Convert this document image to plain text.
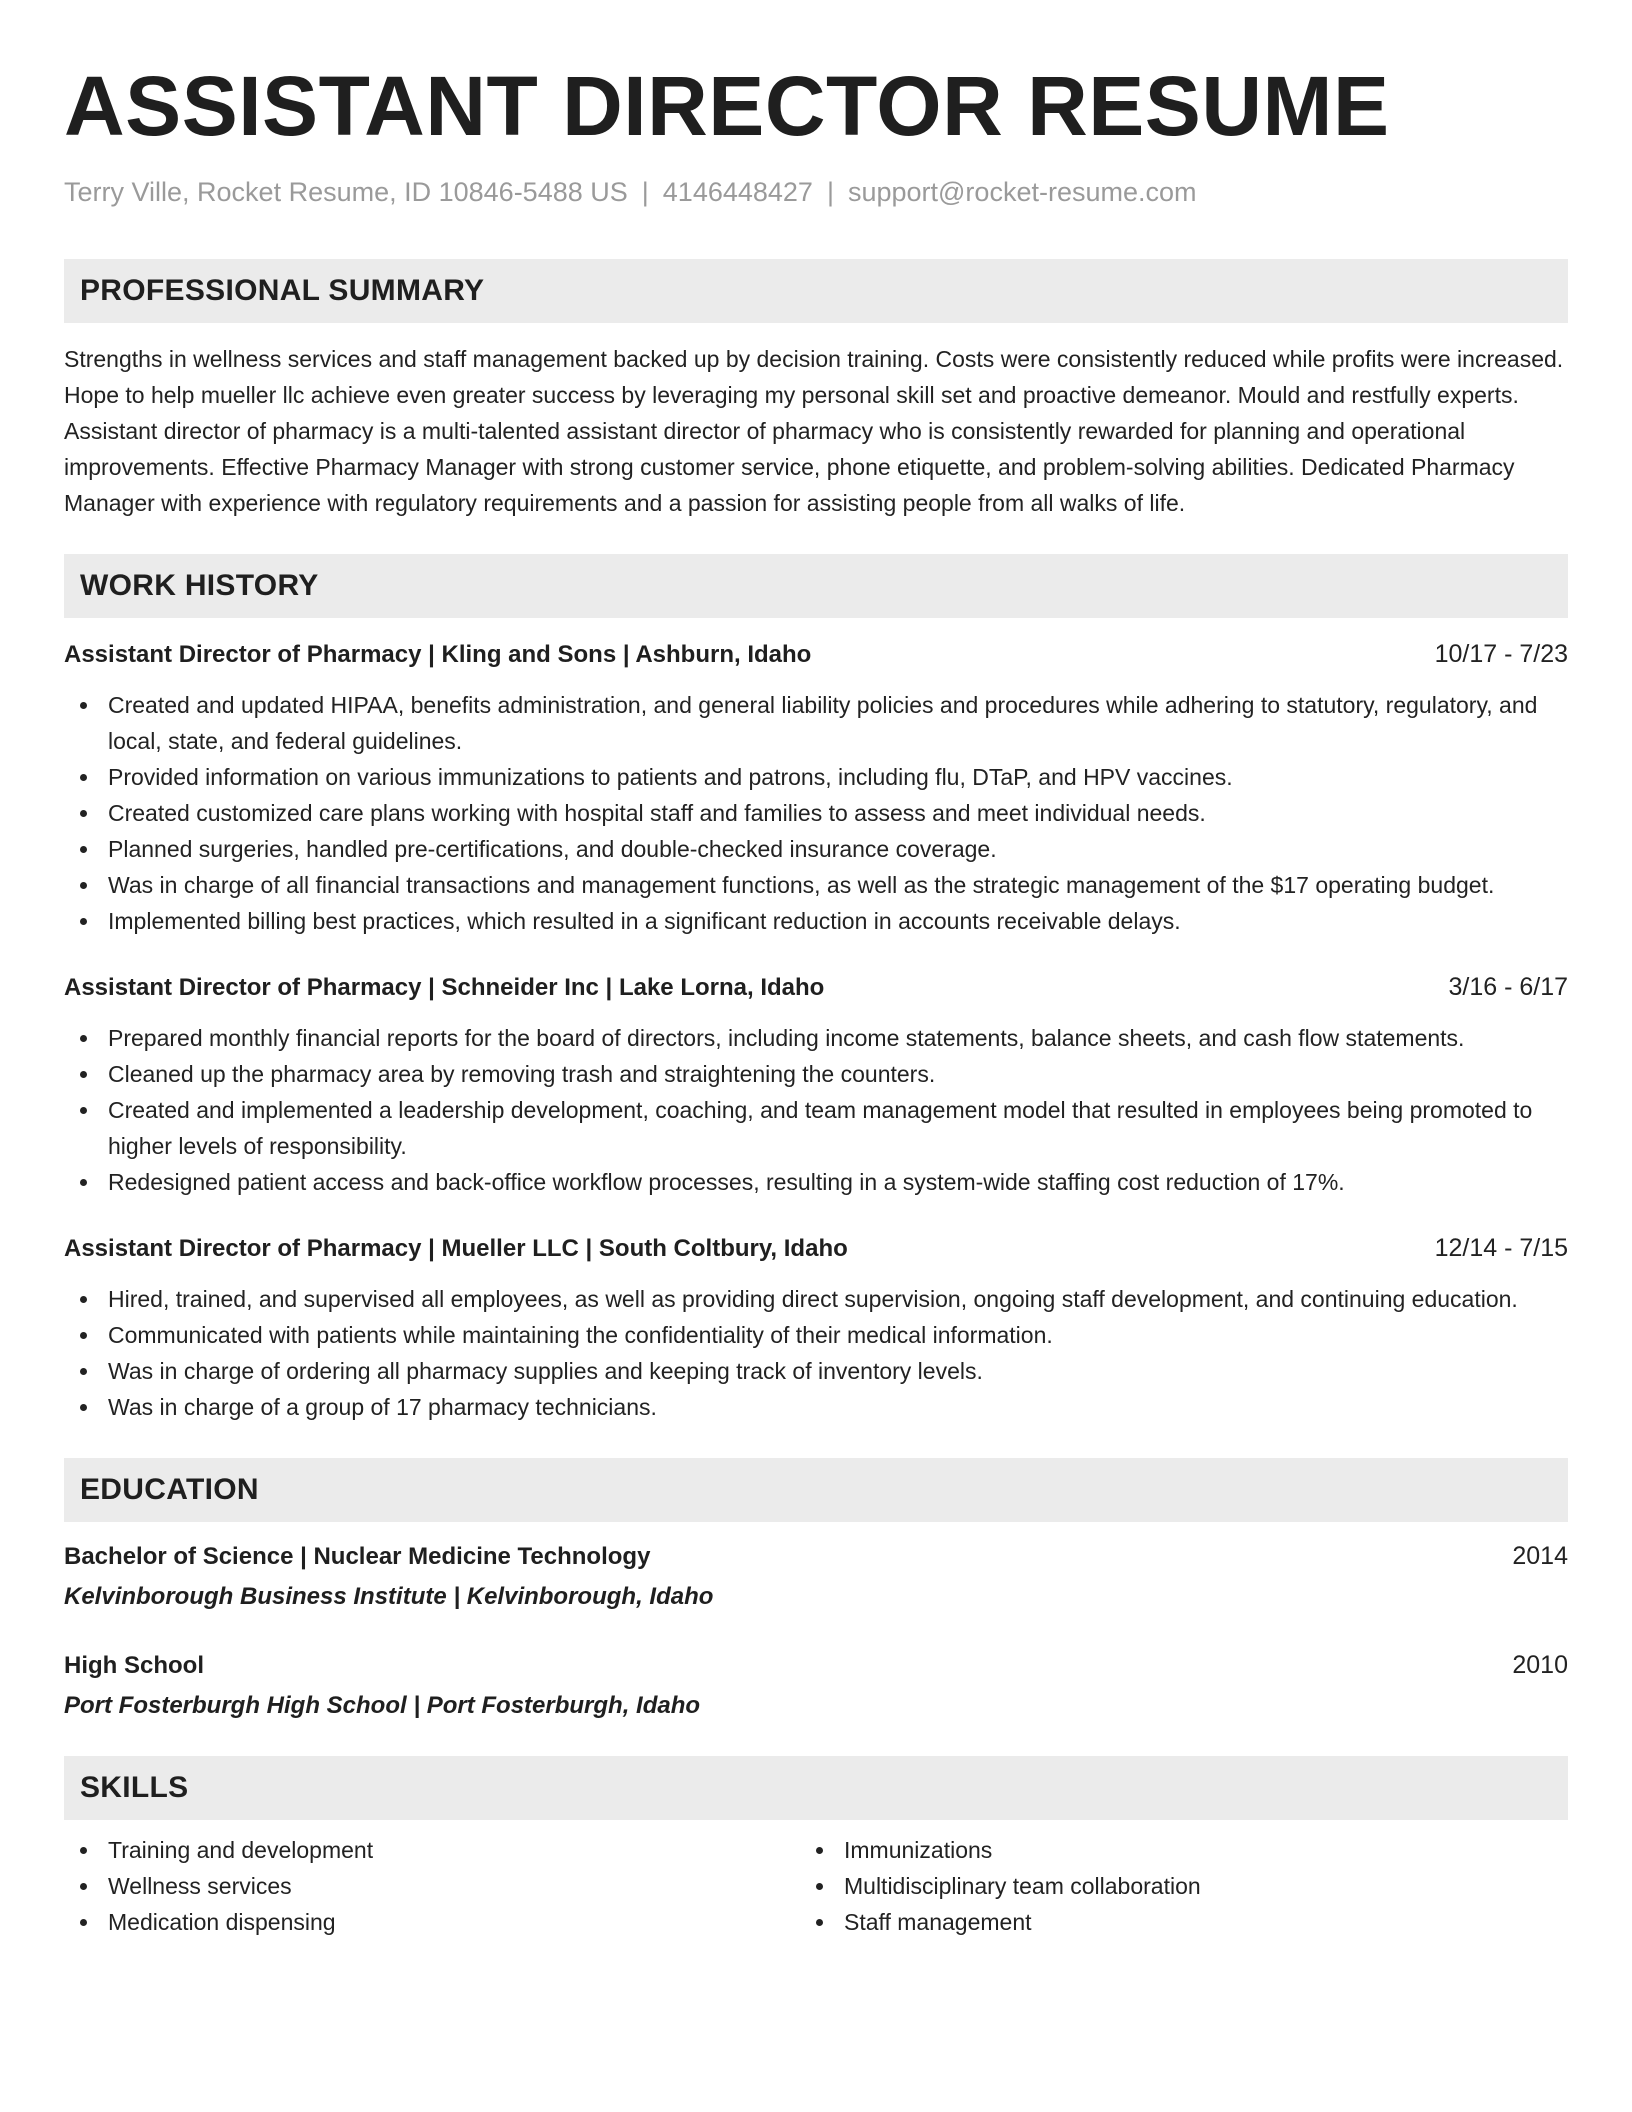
ASSISTANT DIRECTOR RESUME
Terry Ville, Rocket Resume, ID 10846-5488 US | 4146448427 | support@rocket-resume.com
PROFESSIONAL SUMMARY
Strengths in wellness services and staff management backed up by decision training. Costs were consistently reduced while profits were increased. Hope to help mueller llc achieve even greater success by leveraging my personal skill set and proactive demeanor. Mould and restfully experts. Assistant director of pharmacy is a multi-talented assistant director of pharmacy who is consistently rewarded for planning and operational improvements. Effective Pharmacy Manager with strong customer service, phone etiquette, and problem-solving abilities. Dedicated Pharmacy Manager with experience with regulatory requirements and a passion for assisting people from all walks of life.
WORK HISTORY
Assistant Director of Pharmacy | Kling and Sons | Ashburn, Idaho	10/17 - 7/23
Created and updated HIPAA, benefits administration, and general liability policies and procedures while adhering to statutory, regulatory, and local, state, and federal guidelines.
Provided information on various immunizations to patients and patrons, including flu, DTaP, and HPV vaccines.
Created customized care plans working with hospital staff and families to assess and meet individual needs.
Planned surgeries, handled pre-certifications, and double-checked insurance coverage.
Was in charge of all financial transactions and management functions, as well as the strategic management of the $17 operating budget.
Implemented billing best practices, which resulted in a significant reduction in accounts receivable delays.
Assistant Director of Pharmacy | Schneider Inc | Lake Lorna, Idaho	3/16 - 6/17
Prepared monthly financial reports for the board of directors, including income statements, balance sheets, and cash flow statements.
Cleaned up the pharmacy area by removing trash and straightening the counters.
Created and implemented a leadership development, coaching, and team management model that resulted in employees being promoted to higher levels of responsibility.
Redesigned patient access and back-office workflow processes, resulting in a system-wide staffing cost reduction of 17%.
Assistant Director of Pharmacy | Mueller LLC | South Coltbury, Idaho	12/14 - 7/15
Hired, trained, and supervised all employees, as well as providing direct supervision, ongoing staff development, and continuing education.
Communicated with patients while maintaining the confidentiality of their medical information.
Was in charge of ordering all pharmacy supplies and keeping track of inventory levels.
Was in charge of a group of 17 pharmacy technicians.
EDUCATION
Bachelor of Science | Nuclear Medicine Technology	2014
Kelvinborough Business Institute | Kelvinborough, Idaho
High School	2010
Port Fosterburgh High School | Port Fosterburgh, Idaho
SKILLS
Training and development
Wellness services
Medication dispensing
Immunizations
Multidisciplinary team collaboration
Staff management
